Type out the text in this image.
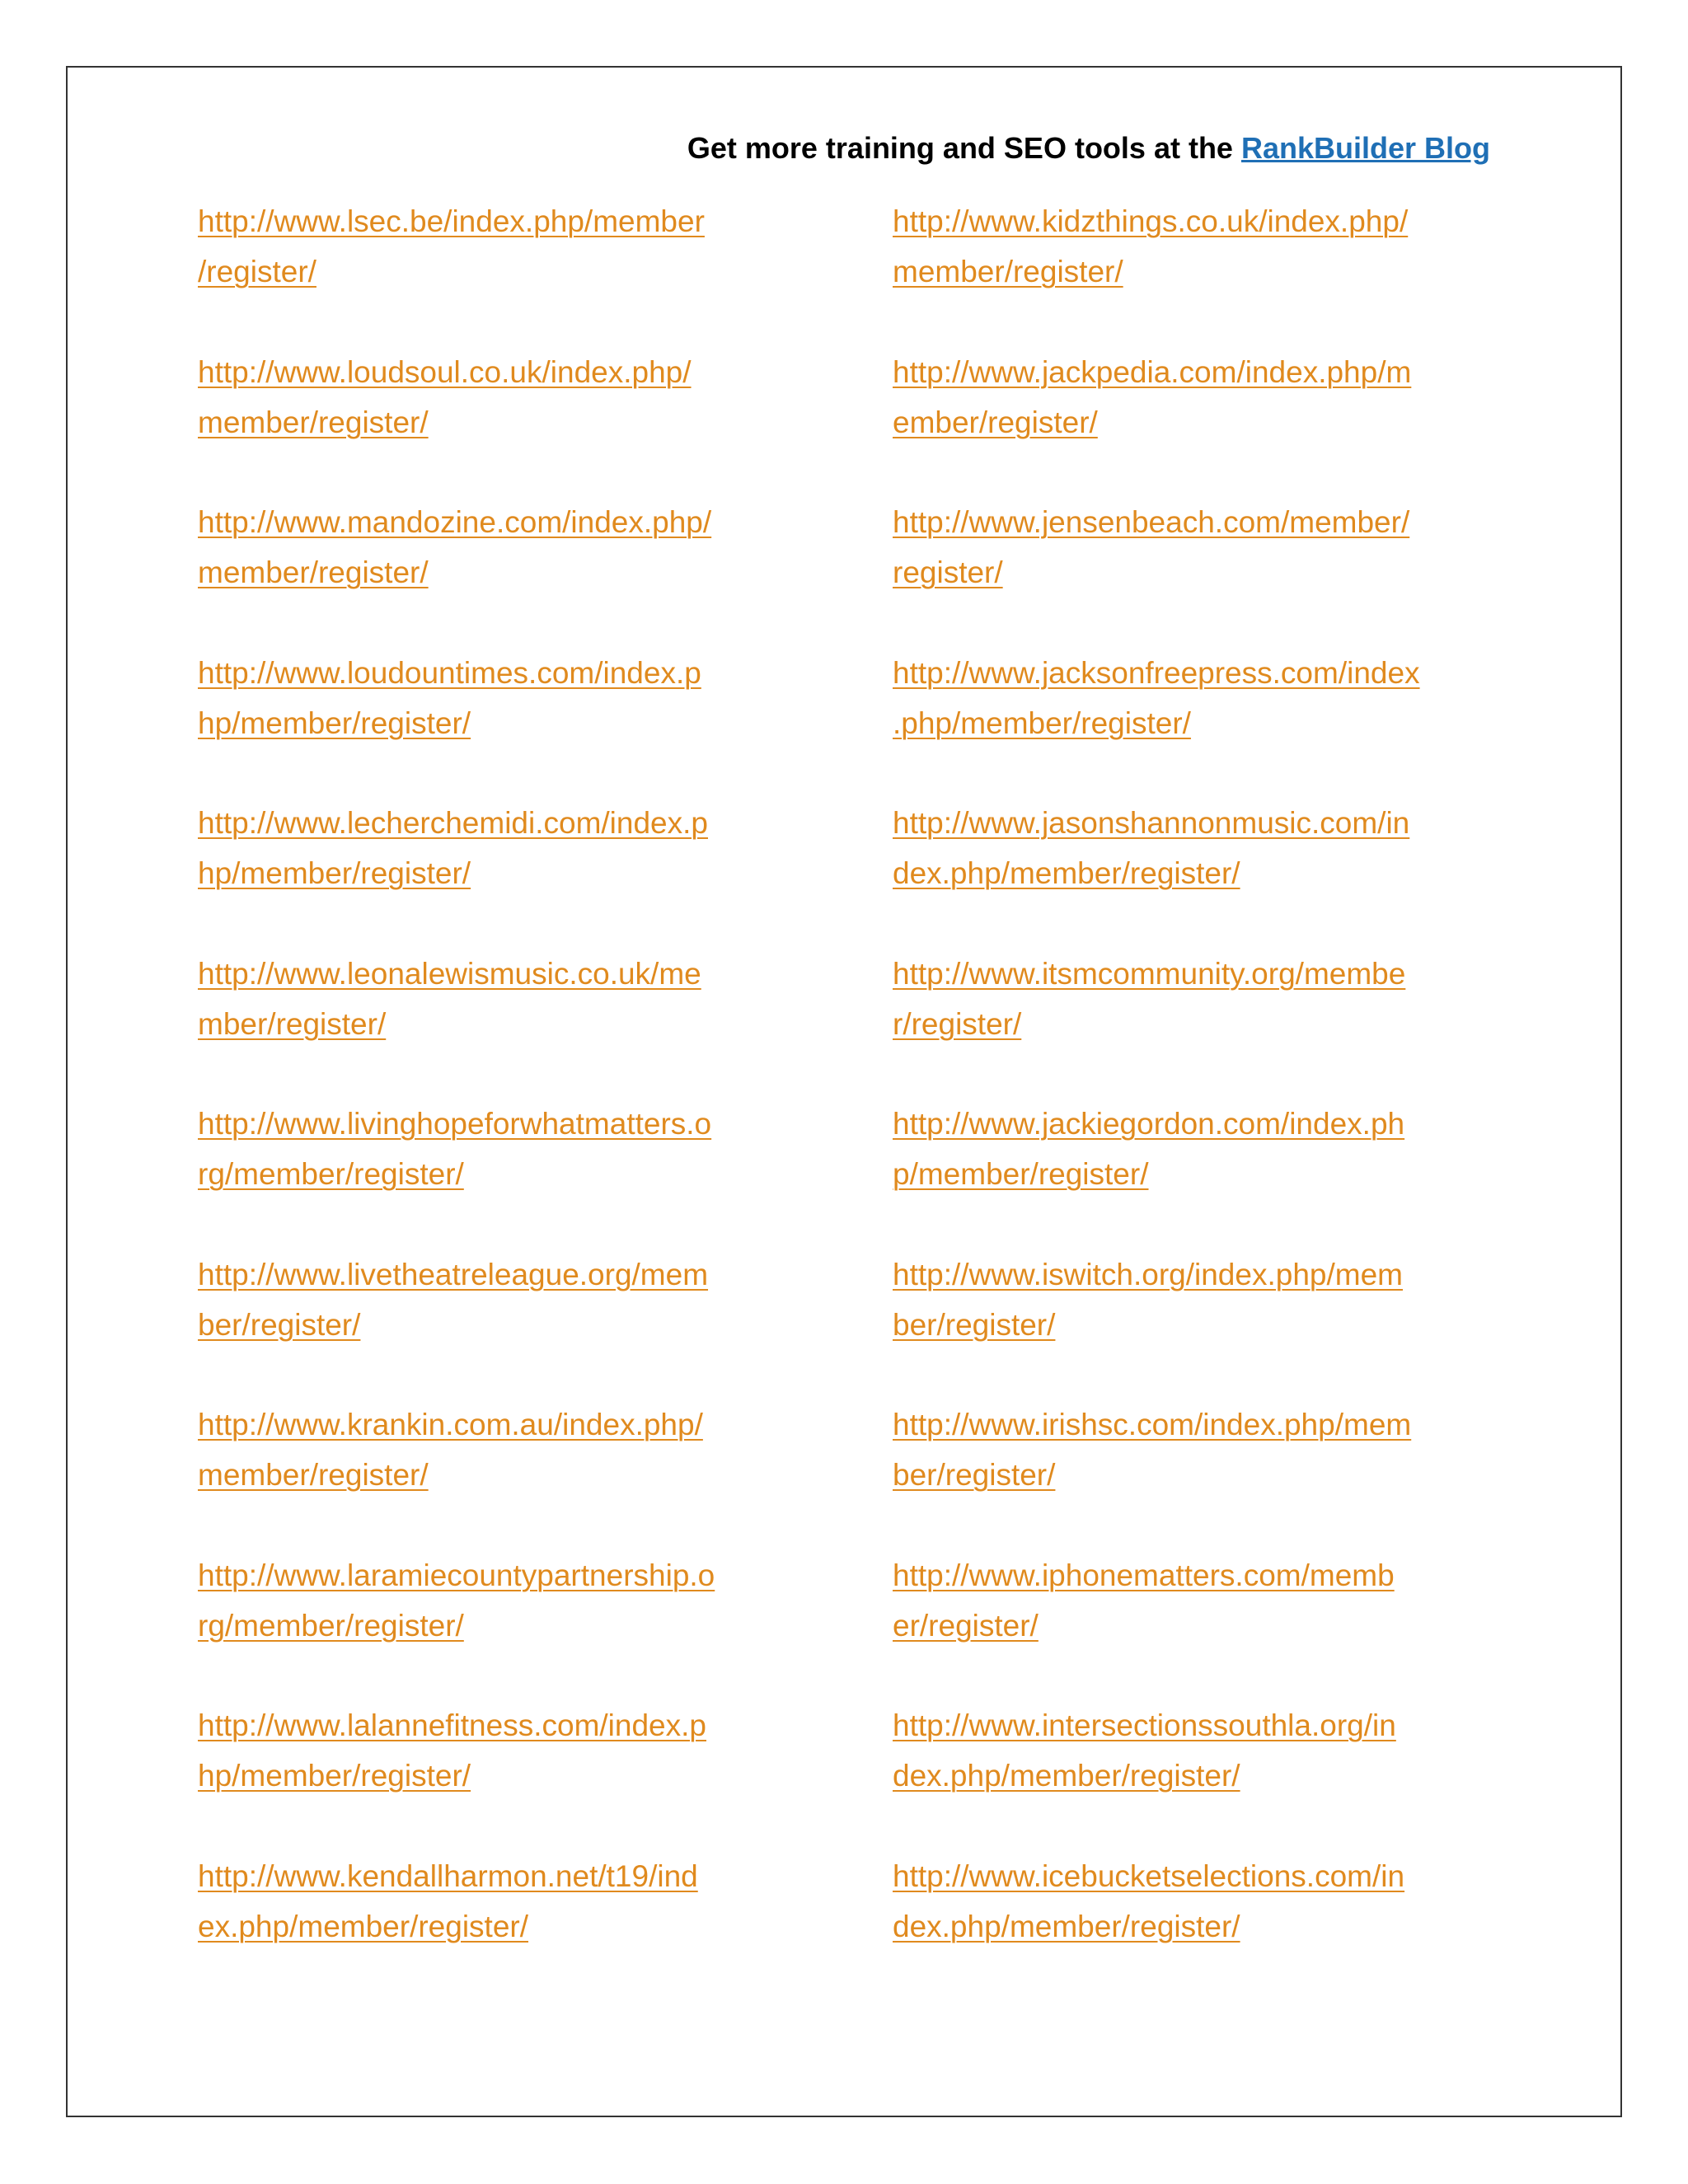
Get more training and SEO tools at the RankBuilder Blog
http://www.lsec.be/index.php/member
/register/
http://www.loudsoul.co.uk/index.php/
member/register/
http://www.mandozine.com/index.php/
member/register/
http://www.loudountimes.com/index.p
hp/member/register/
http://www.lecherchemidi.com/index.p
hp/member/register/
http://www.leonalewismusic.co.uk/me
mber/register/
http://www.livinghopeforwhatmatters.o
rg/member/register/
http://www.livetheatreleague.org/mem
ber/register/
http://www.krankin.com.au/index.php/
member/register/
http://www.laramiecountypartnership.o
rg/member/register/
http://www.lalannefitness.com/index.p
hp/member/register/
http://www.kendallharmon.net/t19/ind
ex.php/member/register/
http://www.kidzthings.co.uk/index.php/
member/register/
http://www.jackpedia.com/index.php/m
ember/register/
http://www.jensenbeach.com/member/
register/
http://www.jacksonfreepress.com/index
.php/member/register/
http://www.jasonshannonmusic.com/in
dex.php/member/register/
http://www.itsmcommunity.org/membe
r/register/
http://www.jackiegordon.com/index.ph
p/member/register/
http://www.iswitch.org/index.php/mem
ber/register/
http://www.irishsc.com/index.php/mem
ber/register/
http://www.iphonematters.com/memb
er/register/
http://www.intersectionssouthla.org/in
dex.php/member/register/
http://www.icebucketselections.com/in
dex.php/member/register/
